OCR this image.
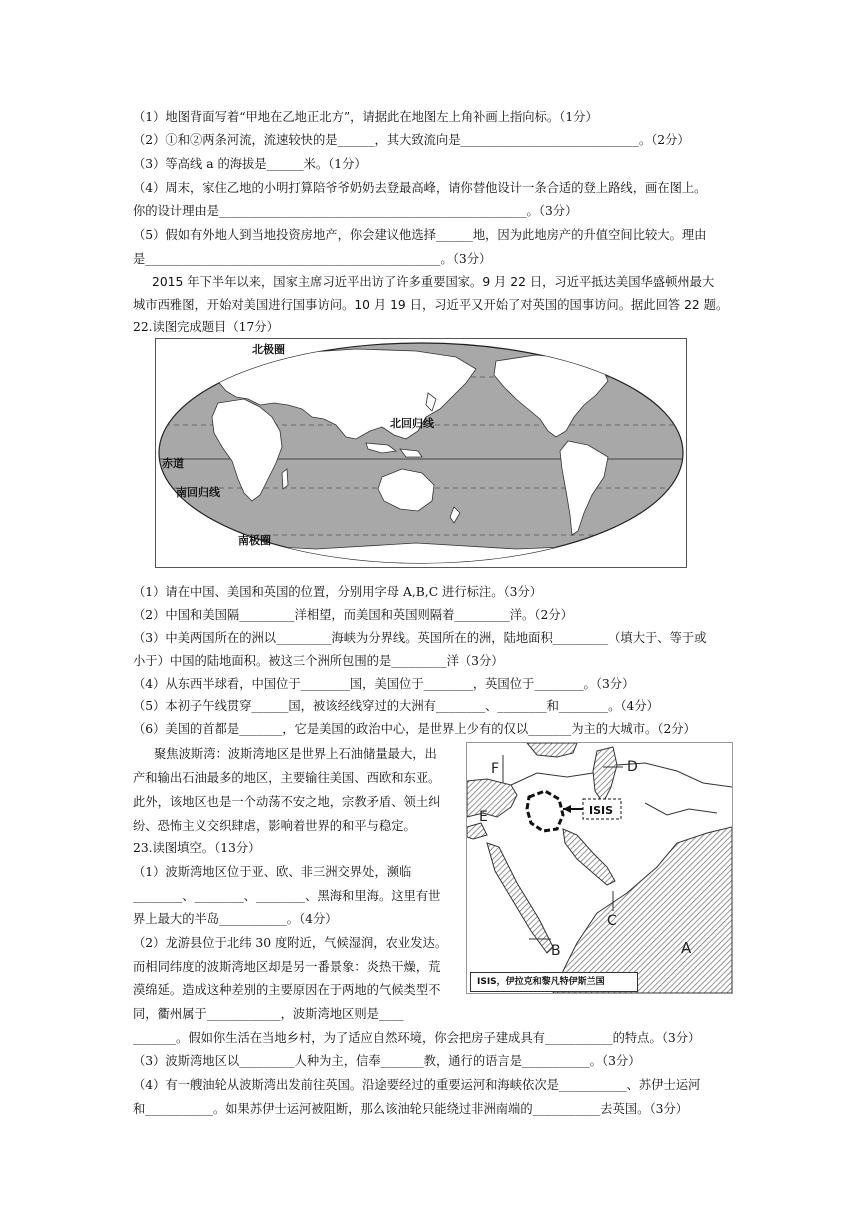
（1）地图背面写着“甲地在乙地正北方”，请据此在地图左上角补画上指向标。（1分）
（2）①和②两条河流，流速较快的是______，其大致流向是_____________________________。（2分）
（3）等高线 a 的海拔是______米。（1分）
（4）周末，家住乙地的小明打算陪爷爷奶奶去登最高峰，请你替他设计一条合适的登上路线，画在图上。
你的设计理由是__________________________________________________。（3分）
（5）假如有外地人到当地投资房地产，你会建议他选择______地，因为此地房产的升值空间比较大。理由
是________________________________________________。（3分）
2015 年下半年以来，国家主席习近平出访了许多重要国家。9 月 22 日，习近平抵达美国华盛顿州最大
城市西雅图，开始对美国进行国事访问。10 月 19 日，习近平又开始了对英国的国事访问。据此回答 22 题。
22.读图完成题目（17分）
北极圈
北回归线
赤道
南回归线
南极圈
（1）请在中国、美国和英国的位置，分别用字母 A,B,C 进行标注。（3分）
（2）中国和美国隔_________洋相望，而美国和英国则隔着_________洋。（2分）
（3）中美两国所在的洲以_________海峡为分界线。英国所在的洲，陆地面积_________（填大于、等于或
小于）中国的陆地面积。被这三个洲所包围的是_________洋（3分）
（4）从东西半球看，中国位于________国，美国位于________，英国位于________。（3分）
（5）本初子午线贯穿______国，被该经线穿过的大洲有________、________和________。（4分）
（6）美国的首都是_______，它是美国的政治中心，是世界上少有的仅以_______为主的大城市。（2分）
聚焦波斯湾：波斯湾地区是世界上石油储量最大，出
产和输出石油最多的地区，主要输往美国、西欧和东亚。
此外，该地区也是一个动荡不安之地，宗教矛盾、领土纠
纷、恐怖主义交织肆虐，影响着世界的和平与稳定。
23.读图填空。（13分）
（1）波斯湾地区位于亚、欧、非三洲交界处，濒临
________、________、________、黑海和里海。这里有世
界上最大的半岛___________。（4分）
（2）龙游县位于北纬 30 度附近，气候湿润，农业发达。
而相同纬度的波斯湾地区却是另一番景象：炎热干燥，荒
漠绵延。造成这种差别的主要原因在于两地的气候类型不
同，衢州属于____________，波斯湾地区则是____
_______。假如你生活在当地乡村，为了适应自然环境，你会把房子建成具有___________的特点。（3分）
（3）波斯湾地区以_________人种为主，信奉_______教，通行的语言是___________。（3分）
（4）有一艘油轮从波斯湾出发前往英国。沿途要经过的重要运河和海峡依次是___________、苏伊士运河
和___________。如果苏伊士运河被阻断，那么该油轮只能绕过非洲南端的___________去英国。（3分）
ISIS
F	D
E
C
B	A
ISIS，伊拉克和黎凡特伊斯兰国
